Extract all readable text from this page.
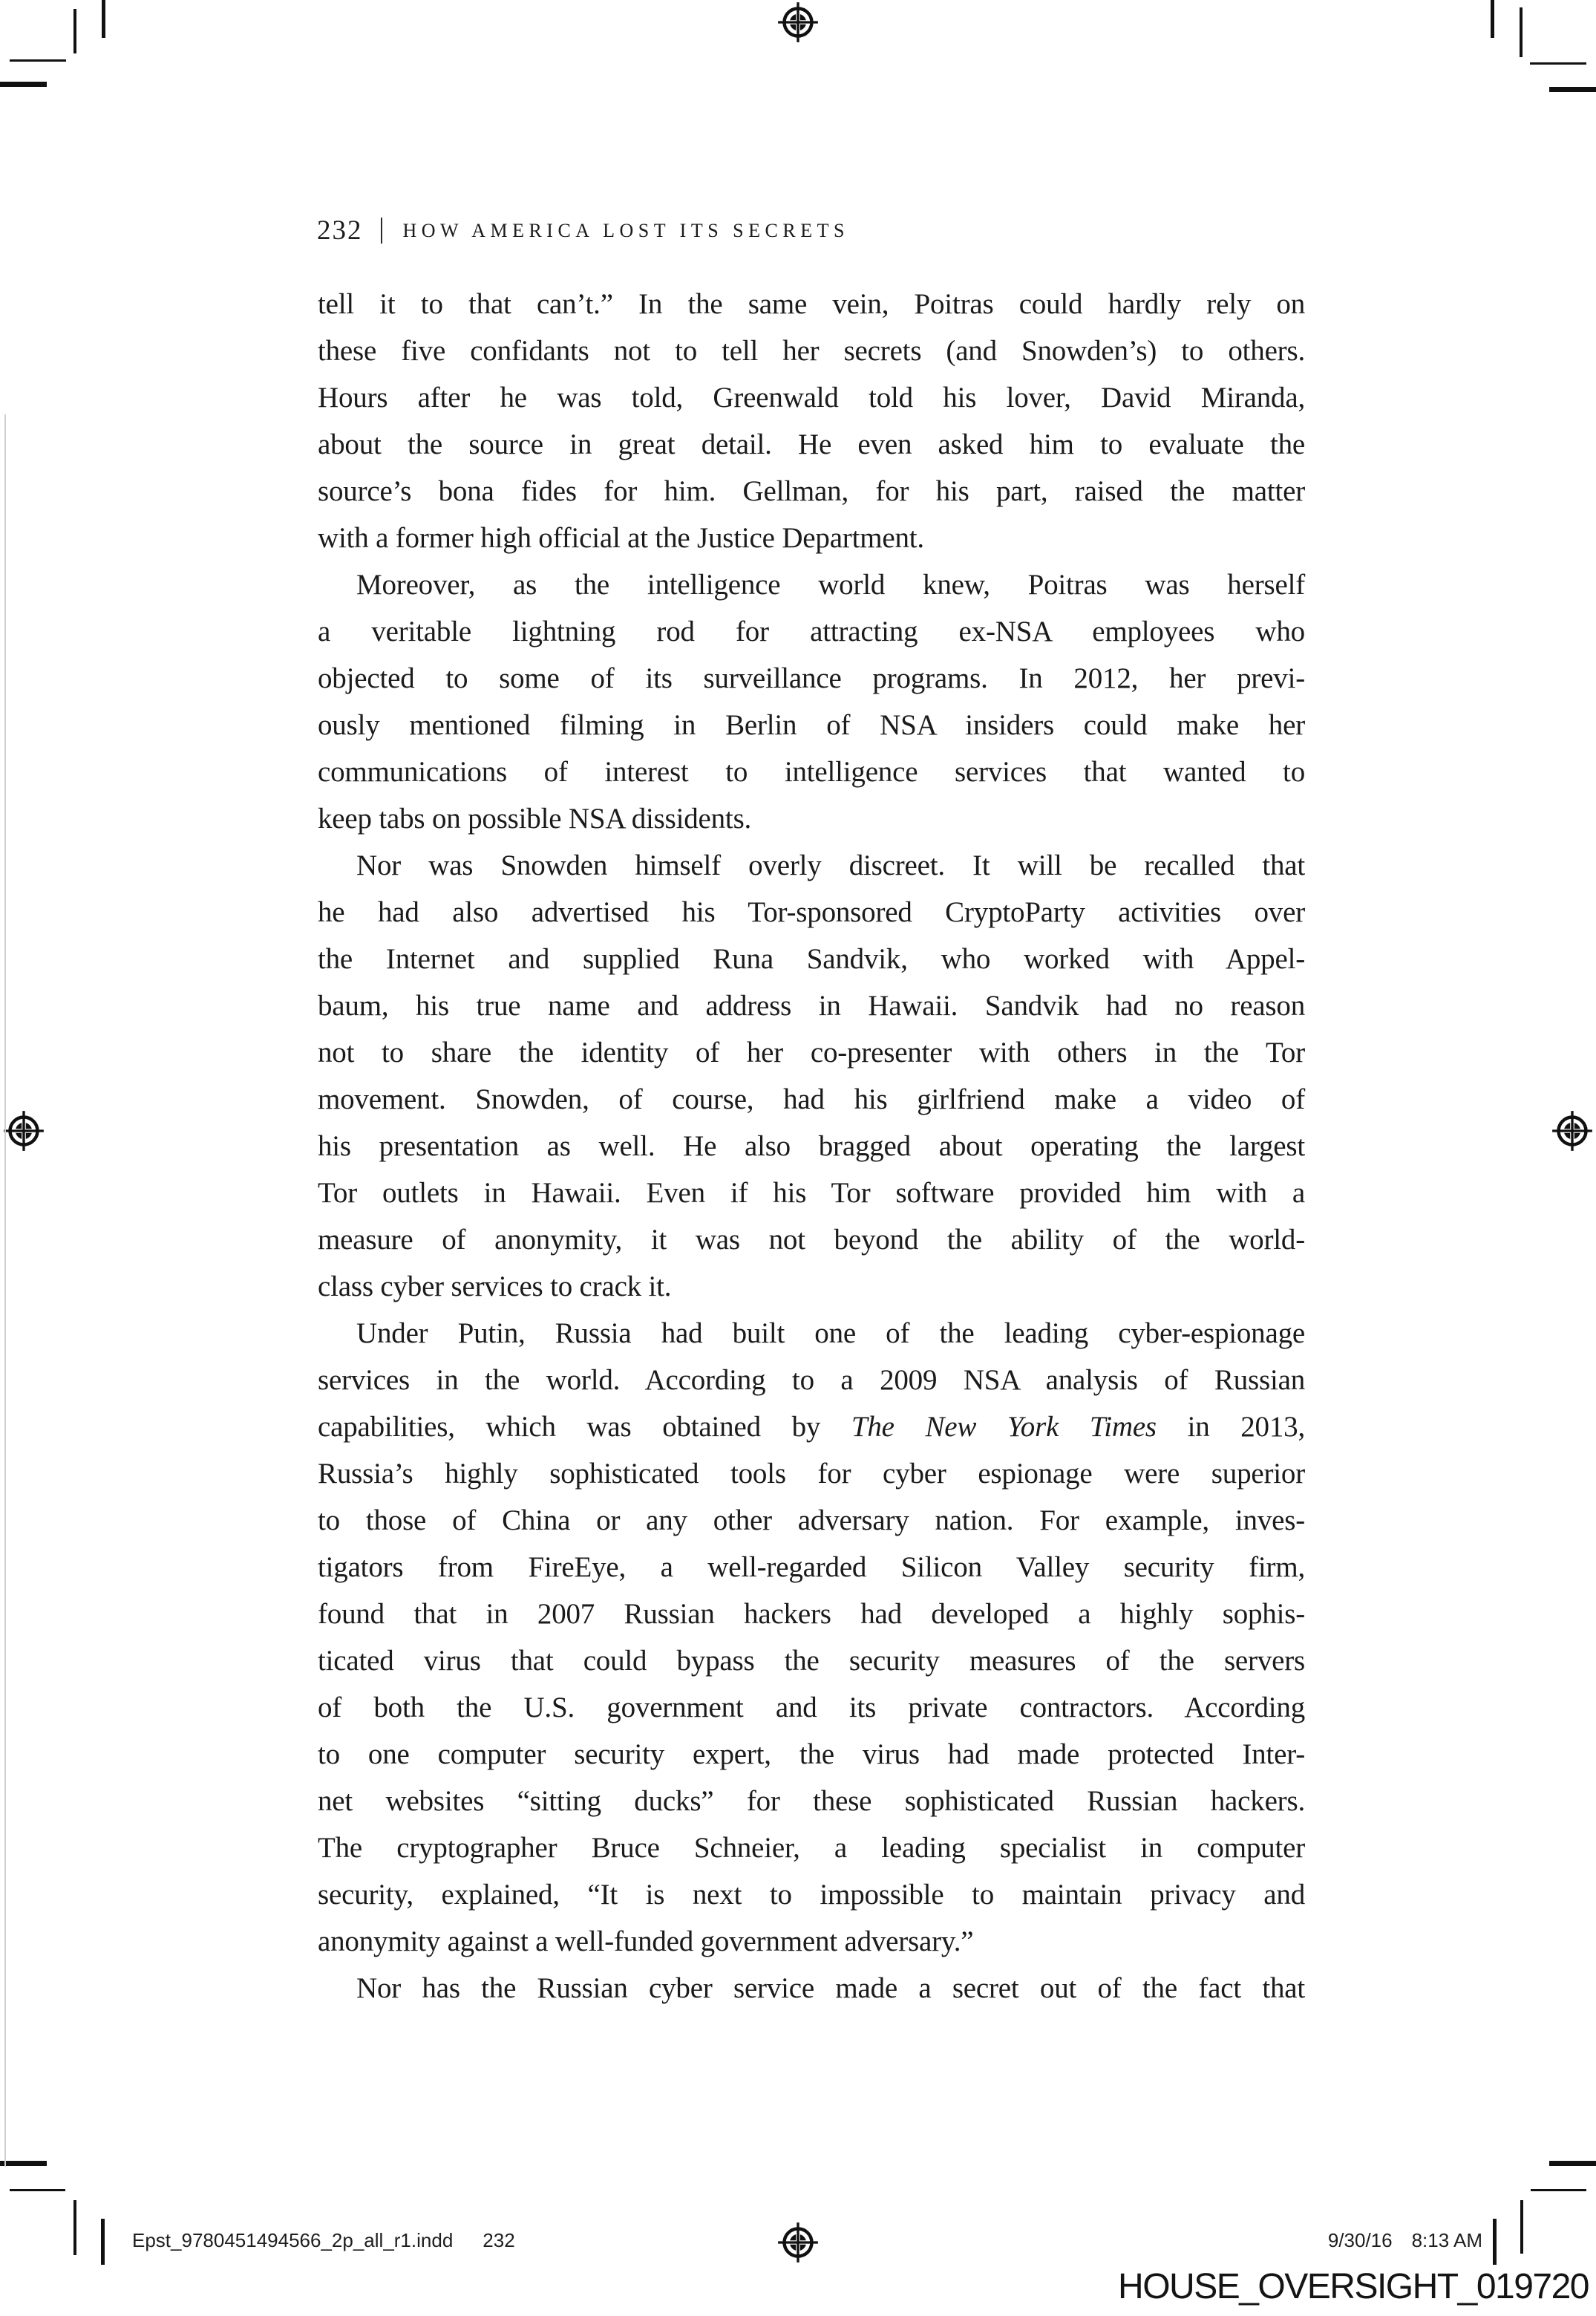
232 HOW AMERICA LOST ITS SECRETS
tell it to that can’t.” In the same vein, Poitras could hardly rely on
these five confidants not to tell her secrets (and Snowden’s) to others.
Hours after he was told, Greenwald told his lover, David Miranda,
about the source in great detail. He even asked him to evaluate the
source’s bona fides for him. Gellman, for his part, raised the matter
with a former high official at the Justice Department.
Moreover, as the intelligence world knew, Poitras was herself
a veritable lightning rod for attracting ex-NSA employees who
objected to some of its surveillance programs. In 2012, her previ-
ously mentioned filming in Berlin of NSA insiders could make her
communications of interest to intelligence services that wanted to
keep tabs on possible NSA dissidents.
Nor was Snowden himself overly discreet. It will be recalled that
he had also advertised his Tor-sponsored CryptoParty activities over
the Internet and supplied Runa Sandvik, who worked with Appel-
baum, his true name and address in Hawaii. Sandvik had no reason
not to share the identity of her co-presenter with others in the Tor
movement. Snowden, of course, had his girlfriend make a video of
his presentation as well. He also bragged about operating the largest
Tor outlets in Hawaii. Even if his Tor software provided him with a
measure of anonymity, it was not beyond the ability of the world-
class cyber services to crack it.
Under Putin, Russia had built one of the leading cyber-espionage
services in the world. According to a 2009 NSA analysis of Russian
capabilities, which was obtained by The New York Times in 2013,
Russia’s highly sophisticated tools for cyber espionage were superior
to those of China or any other adversary nation. For example, inves-
tigators from FireEye, a well-regarded Silicon Valley security firm,
found that in 2007 Russian hackers had developed a highly sophis-
ticated virus that could bypass the security measures of the servers
of both the U.S. government and its private contractors. According
to one computer security expert, the virus had made protected Inter-
net websites “sitting ducks” for these sophisticated Russian hackers.
The cryptographer Bruce Schneier, a leading specialist in computer
security, explained, “It is next to impossible to maintain privacy and
anonymity against a well-funded government adversary.”
Nor has the Russian cyber service made a secret out of the fact that
Epst_9780451494566_2p_all_r1.indd 232	9/30/16 8:13 AM
HOUSE_OVERSIGHT_019720
